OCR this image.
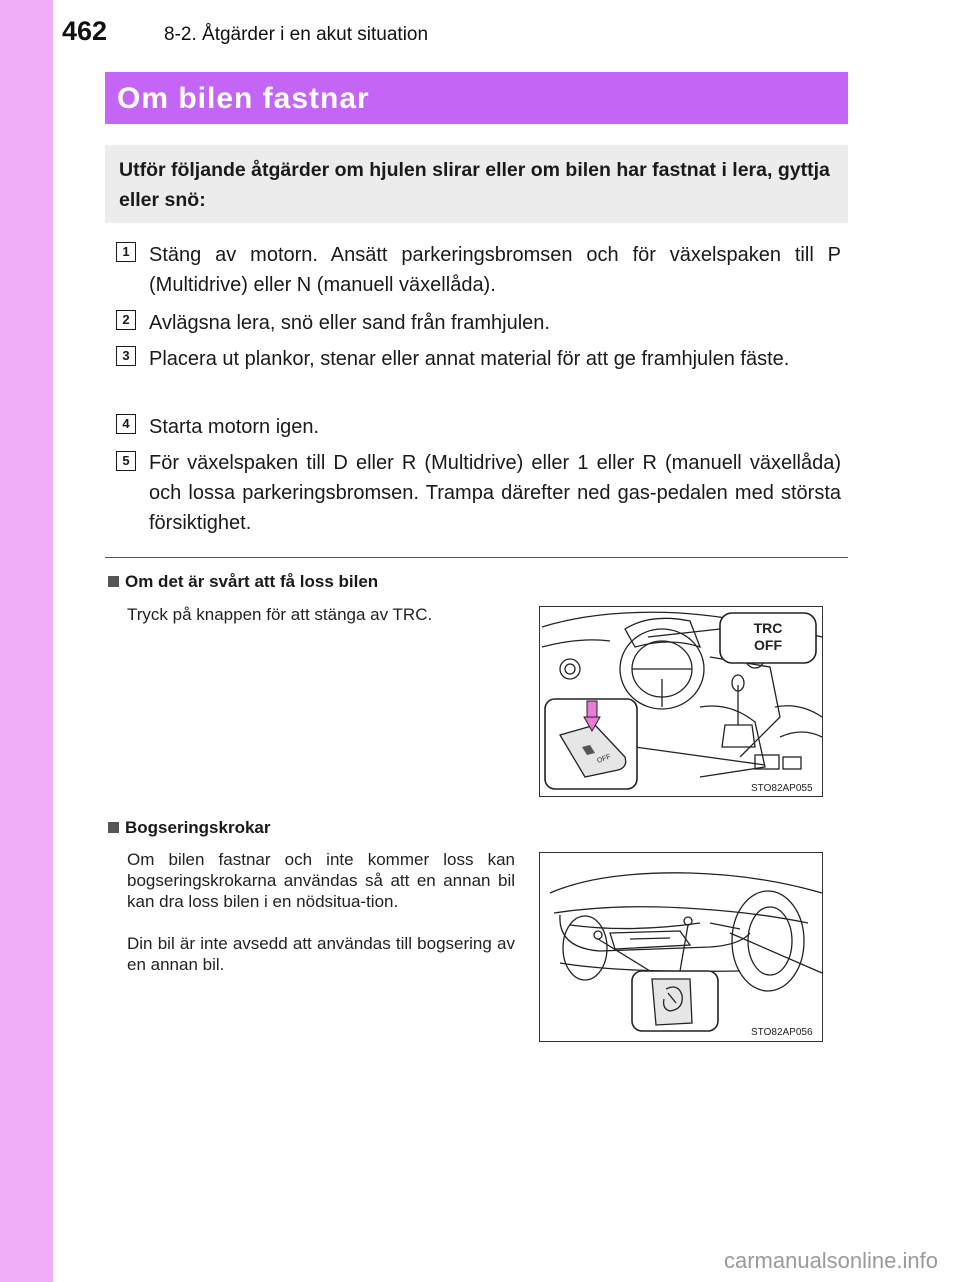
462	8-2. Åtgärder i en akut situation
Om bilen fastnar

Utför följande åtgärder om hjulen slirar eller om bilen har fastnat i lera, gyttja eller snö:

1 Stäng av motorn. Ansätt parkeringsbromsen och för växelspaken till P (Multidrive) eller N (manuell växellåda).
2 Avlägsna lera, snö eller sand från framhjulen.
3 Placera ut plankor, stenar eller annat material för att ge framhjulen fäste.
4 Starta motorn igen.
5 För växelspaken till D eller R (Multidrive) eller 1 eller R (manuell växellåda) och lossa parkeringsbromsen. Trampa därefter ned gas-pedalen med största försiktighet.
Om det är svårt att få loss bilen
Tryck på knappen för att stänga av TRC.
TRC
OFF
OFF
STO82AP055
Bogseringskrokar
Om bilen fastnar och inte kommer loss kan bogseringskrokarna användas så att en annan bil kan dra loss bilen i en nödsitua-tion.
Din bil är inte avsedd att användas till bogsering av en annan bil.
STO82AP056
carmanualsonline.info
